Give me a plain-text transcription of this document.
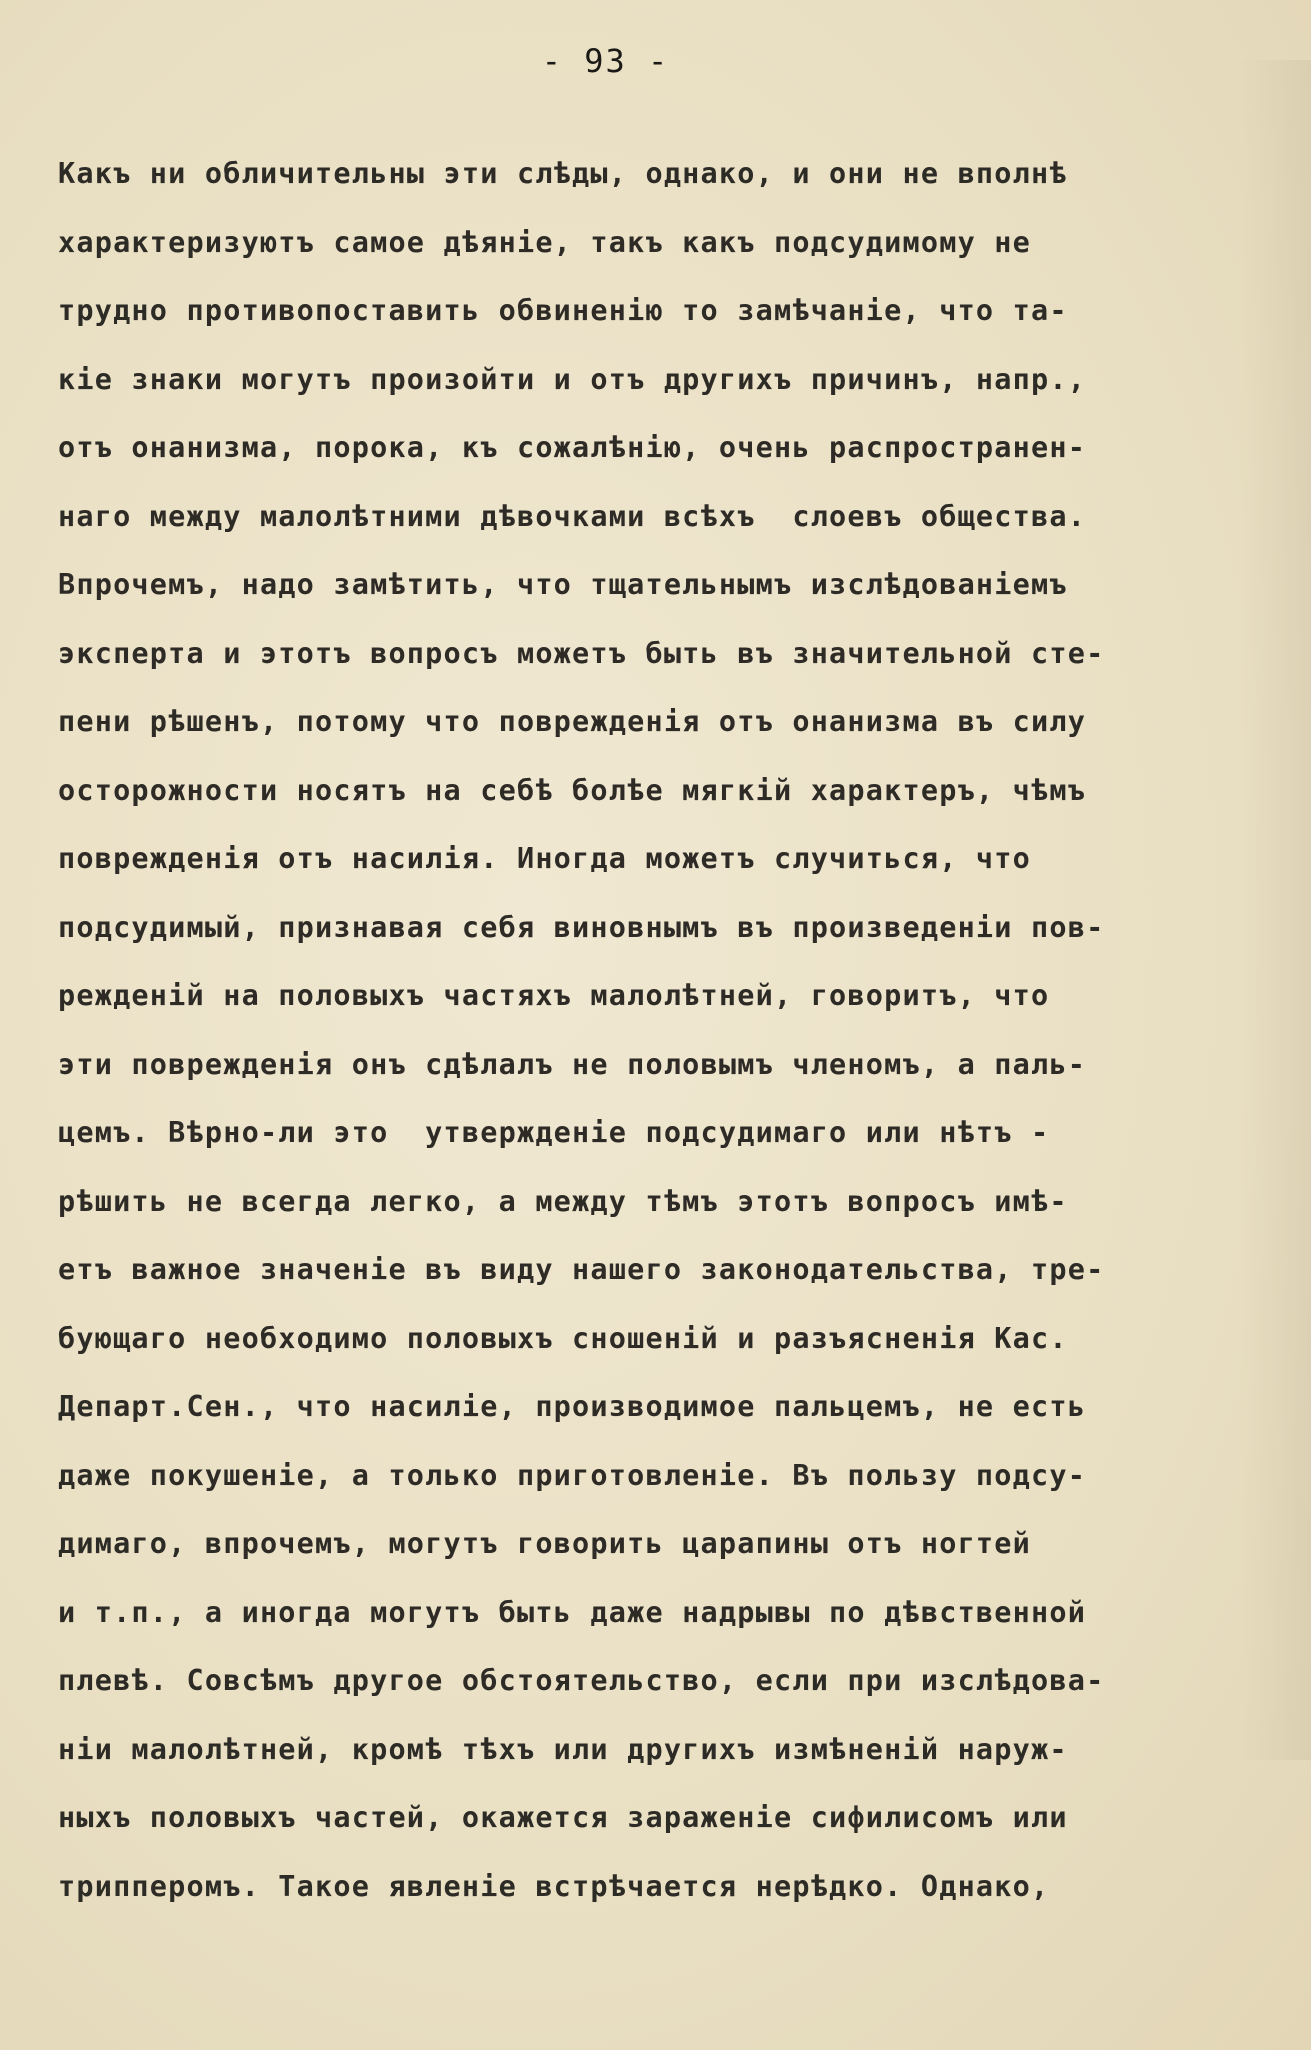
- 93 -
Какъ ни обличительны эти слѣды, однако, и они не вполнѣ
характеризуютъ самое дѣянiе, такъ какъ подсудимому не
трудно противопоставить обвиненiю то замѣчанiе, что та-
кiе знаки могутъ произойти и отъ другихъ причинъ, напр.,
отъ онанизма, порока, къ сожалѣнiю, очень распространен-
наго между малолѣтними дѣвочками всѣхъ  слоевъ общества.
Впрочемъ, надо замѣтить, что тщательнымъ изслѣдованiемъ
эксперта и этотъ вопросъ можетъ быть въ значительной сте-
пени рѣшенъ, потому что поврежденiя отъ онанизма въ силу
осторожности носятъ на себѣ болѣе мягкiй характеръ, чѣмъ
поврежденiя отъ насилiя. Иногда можетъ случиться, что
подсудимый, признавая себя виновнымъ въ произведенiи пов-
режденiй на половыхъ частяхъ малолѣтней, говоритъ, что
эти поврежденiя онъ сдѣлалъ не половымъ членомъ, а паль-
цемъ. Вѣрно-ли это  утвержденiе подсудимаго или нѣтъ -
рѣшить не всегда легко, а между тѣмъ этотъ вопросъ имѣ-
етъ важное значенiе въ виду нашего законодательства, тре-
бующаго необходимо половыхъ сношенiй и разъясненiя Кас.
Департ.Сен., что насилiе, производимое пальцемъ, не есть
даже покушенiе, а только приготовленiе. Въ пользу подсу-
димаго, впрочемъ, могутъ говорить царапины отъ ногтей
и т.п., а иногда могутъ быть даже надрывы по дѣвственной
плевѣ. Совсѣмъ другое обстоятельство, если при изслѣдова-
нiи малолѣтней, кромѣ тѣхъ или другихъ измѣненiй наруж-
ныхъ половыхъ частей, окажется зараженiе сифилисомъ или
трипперомъ. Такое явленiе встрѣчается нерѣдко. Однако,
